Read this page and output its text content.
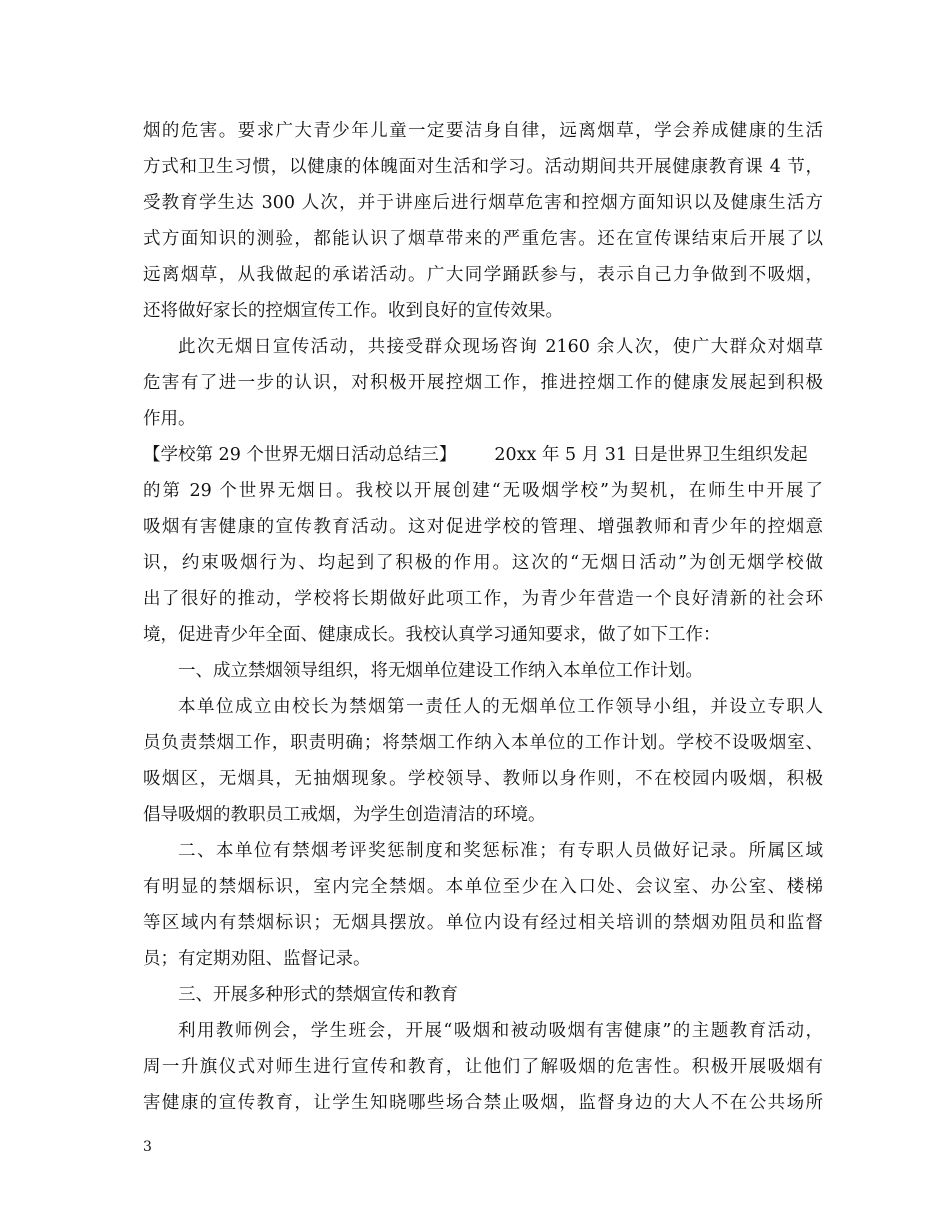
烟的危害。要求广大青少年儿童一定要洁身自律，远离烟草，学会养成健康的生活
方式和卫生习惯，以健康的体魄面对生活和学习。活动期间共开展健康教育课 4 节，
受教育学生达 300 人次，并于讲座后进行烟草危害和控烟方面知识以及健康生活方
式方面知识的测验，都能认识了烟草带来的严重危害。还在宣传课结束后开展了以
远离烟草，从我做起的承诺活动。广大同学踊跃参与，表示自己力争做到不吸烟，
还将做好家长的控烟宣传工作。收到良好的宣传效果。
此次无烟日宣传活动，共接受群众现场咨询 2160 余人次，使广大群众对烟草
危害有了进一步的认识，对积极开展控烟工作，推进控烟工作的健康发展起到积极
作用。
【学校第 29 个世界无烟日活动总结三】 20xx 年 5 月 31 日是世界卫生组织发起
的第 29 个世界无烟日。我校以开展创建“无吸烟学校”为契机，在师生中开展了
吸烟有害健康的宣传教育活动。这对促进学校的管理、增强教师和青少年的控烟意
识，约束吸烟行为、均起到了积极的作用。这次的“无烟日活动”为创无烟学校做
出了很好的推动，学校将长期做好此项工作，为青少年营造一个良好清新的社会环
境，促进青少年全面、健康成长。我校认真学习通知要求，做了如下工作：
一、成立禁烟领导组织，将无烟单位建设工作纳入本单位工作计划。
本单位成立由校长为禁烟第一责任人的无烟单位工作领导小组，并设立专职人
员负责禁烟工作，职责明确；将禁烟工作纳入本单位的工作计划。学校不设吸烟室、
吸烟区，无烟具，无抽烟现象。学校领导、教师以身作则，不在校园内吸烟，积极
倡导吸烟的教职员工戒烟，为学生创造清洁的环境。
二、本单位有禁烟考评奖惩制度和奖惩标准；有专职人员做好记录。所属区域
有明显的禁烟标识，室内完全禁烟。本单位至少在入口处、会议室、办公室、楼梯
等区域内有禁烟标识；无烟具摆放。单位内设有经过相关培训的禁烟劝阻员和监督
员；有定期劝阻、监督记录。
三、开展多种形式的禁烟宣传和教育
利用教师例会，学生班会，开展“吸烟和被动吸烟有害健康”的主题教育活动，
周一升旗仪式对师生进行宣传和教育，让他们了解吸烟的危害性。积极开展吸烟有
害健康的宣传教育，让学生知晓哪些场合禁止吸烟，监督身边的大人不在公共场所
3
